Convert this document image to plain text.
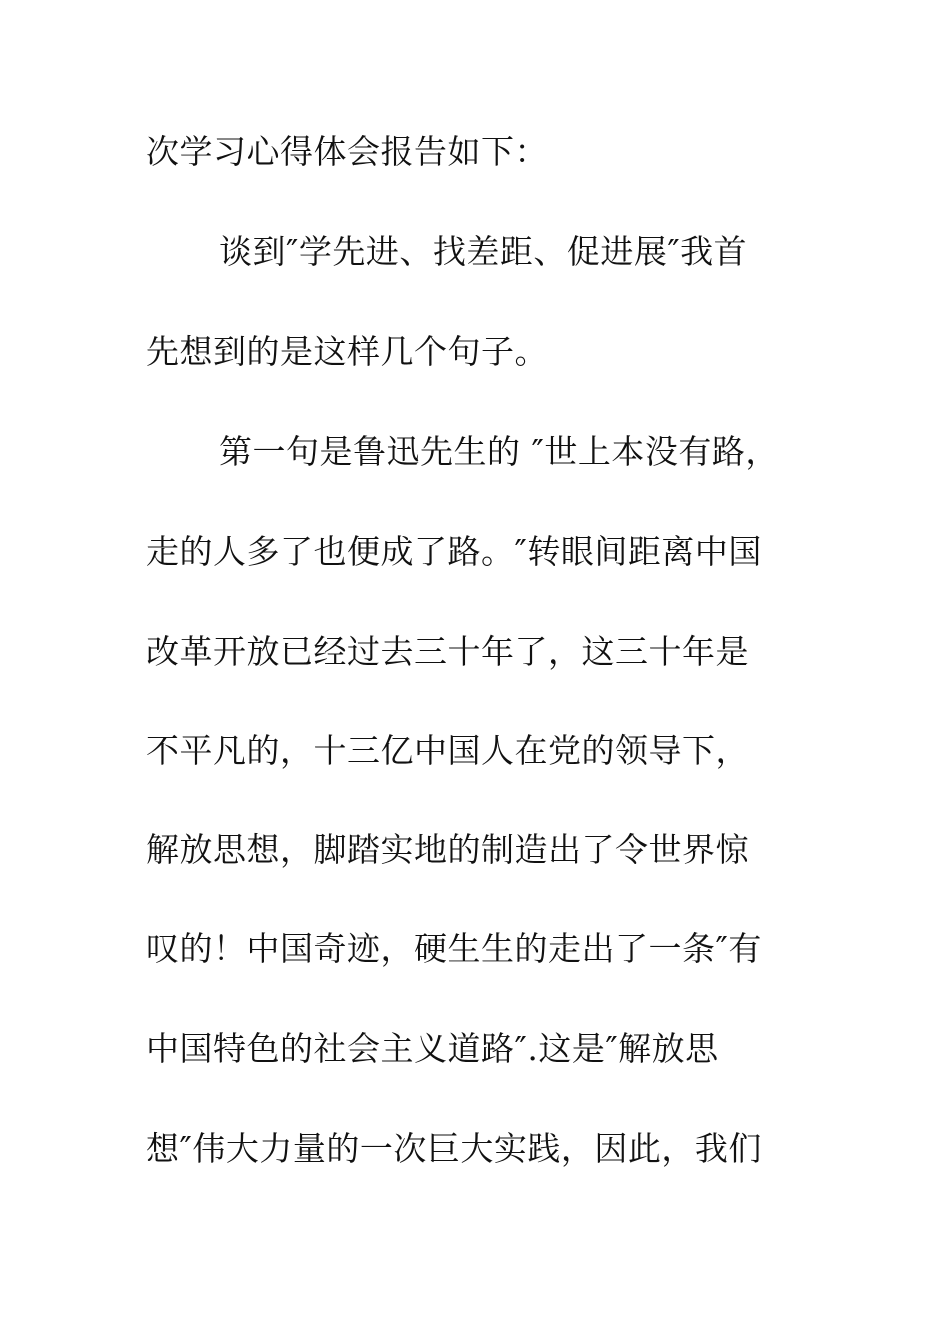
次学习心得体会报告如下：
谈到″学先进、找差距、促进展″我首
先想到的是这样几个句子。
第一句是鲁迅先生的 ″世上本没有路，
走的人多了也便成了路。″转眼间距离中国
改革开放已经过去三十年了，这三十年是
不平凡的，十三亿中国人在党的领导下，
解放思想，脚踏实地的制造出了令世界惊
叹的！中国奇迹，硬生生的走出了一条″有
中国特色的社会主义道路″.这是″解放思
想″伟大力量的一次巨大实践，因此，我们
